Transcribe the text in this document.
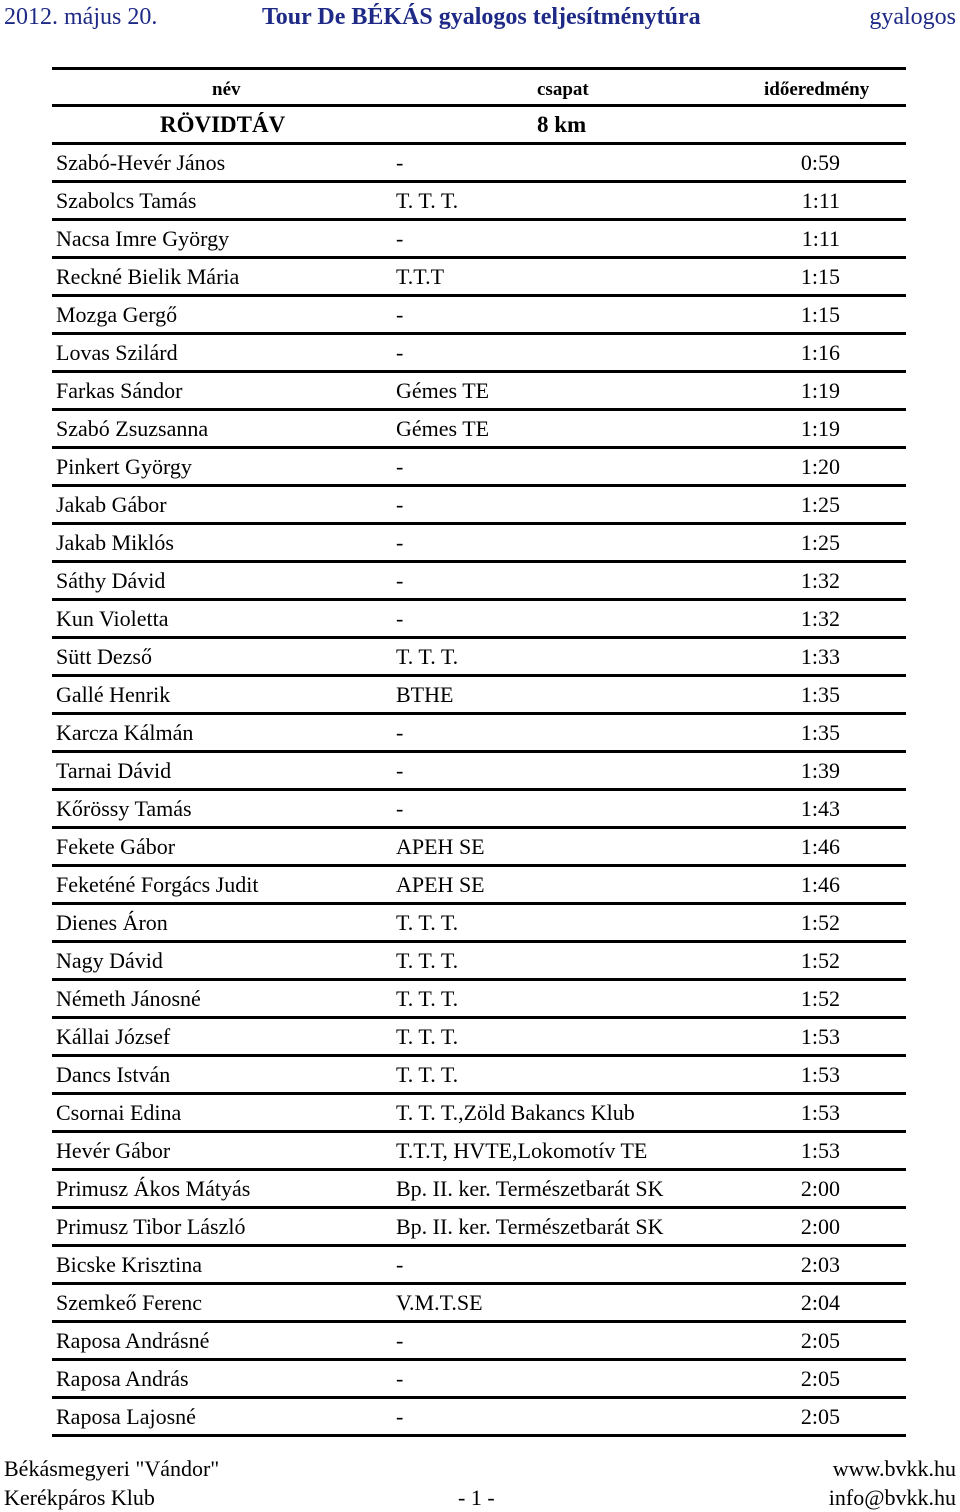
2012. május 20.	Tour De BÉKÁS gyalogos teljesítménytúra	gyalogos
név	csapat	időeredmény
RÖVIDTÁV	8 km
Szabó-Hevér János	-	0:59
Szabolcs Tamás	T. T. T.	1:11
Nacsa Imre György	-	1:11
Reckné Bielik Mária	T.T.T	1:15
Mozga Gergő	-	1:15
Lovas Szilárd	-	1:16
Farkas Sándor	Gémes TE	1:19
Szabó Zsuzsanna	Gémes TE	1:19
Pinkert György	-	1:20
Jakab Gábor	-	1:25
Jakab Miklós	-	1:25
Sáthy Dávid	-	1:32
Kun Violetta	-	1:32
Sütt Dezső	T. T. T.	1:33
Gallé Henrik	BTHE	1:35
Karcza Kálmán	-	1:35
Tarnai Dávid	-	1:39
Kőrössy Tamás	-	1:43
Fekete Gábor	APEH SE	1:46
Feketéné Forgács Judit	APEH SE	1:46
Dienes Áron	T. T. T.	1:52
Nagy Dávid	T. T. T.	1:52
Németh Jánosné	T. T. T.	1:52
Kállai József	T. T. T.	1:53
Dancs István	T. T. T.	1:53
Csornai Edina	T. T. T.,Zöld Bakancs Klub	1:53
Hevér Gábor	T.T.T, HVTE,Lokomotív TE	1:53
Primusz Ákos Mátyás	Bp. II. ker. Természetbarát SK	2:00
Primusz Tibor László	Bp. II. ker. Természetbarát SK	2:00
Bicske Krisztina	-	2:03
Szemkeő Ferenc	V.M.T.SE	2:04
Raposa Andrásné	-	2:05
Raposa András	-	2:05
Raposa Lajosné	-	2:05
Békásmegyeri "Vándor"
Kerékpáros Klub	- 1 -
www.bvkk.hu
info@bvkk.hu
